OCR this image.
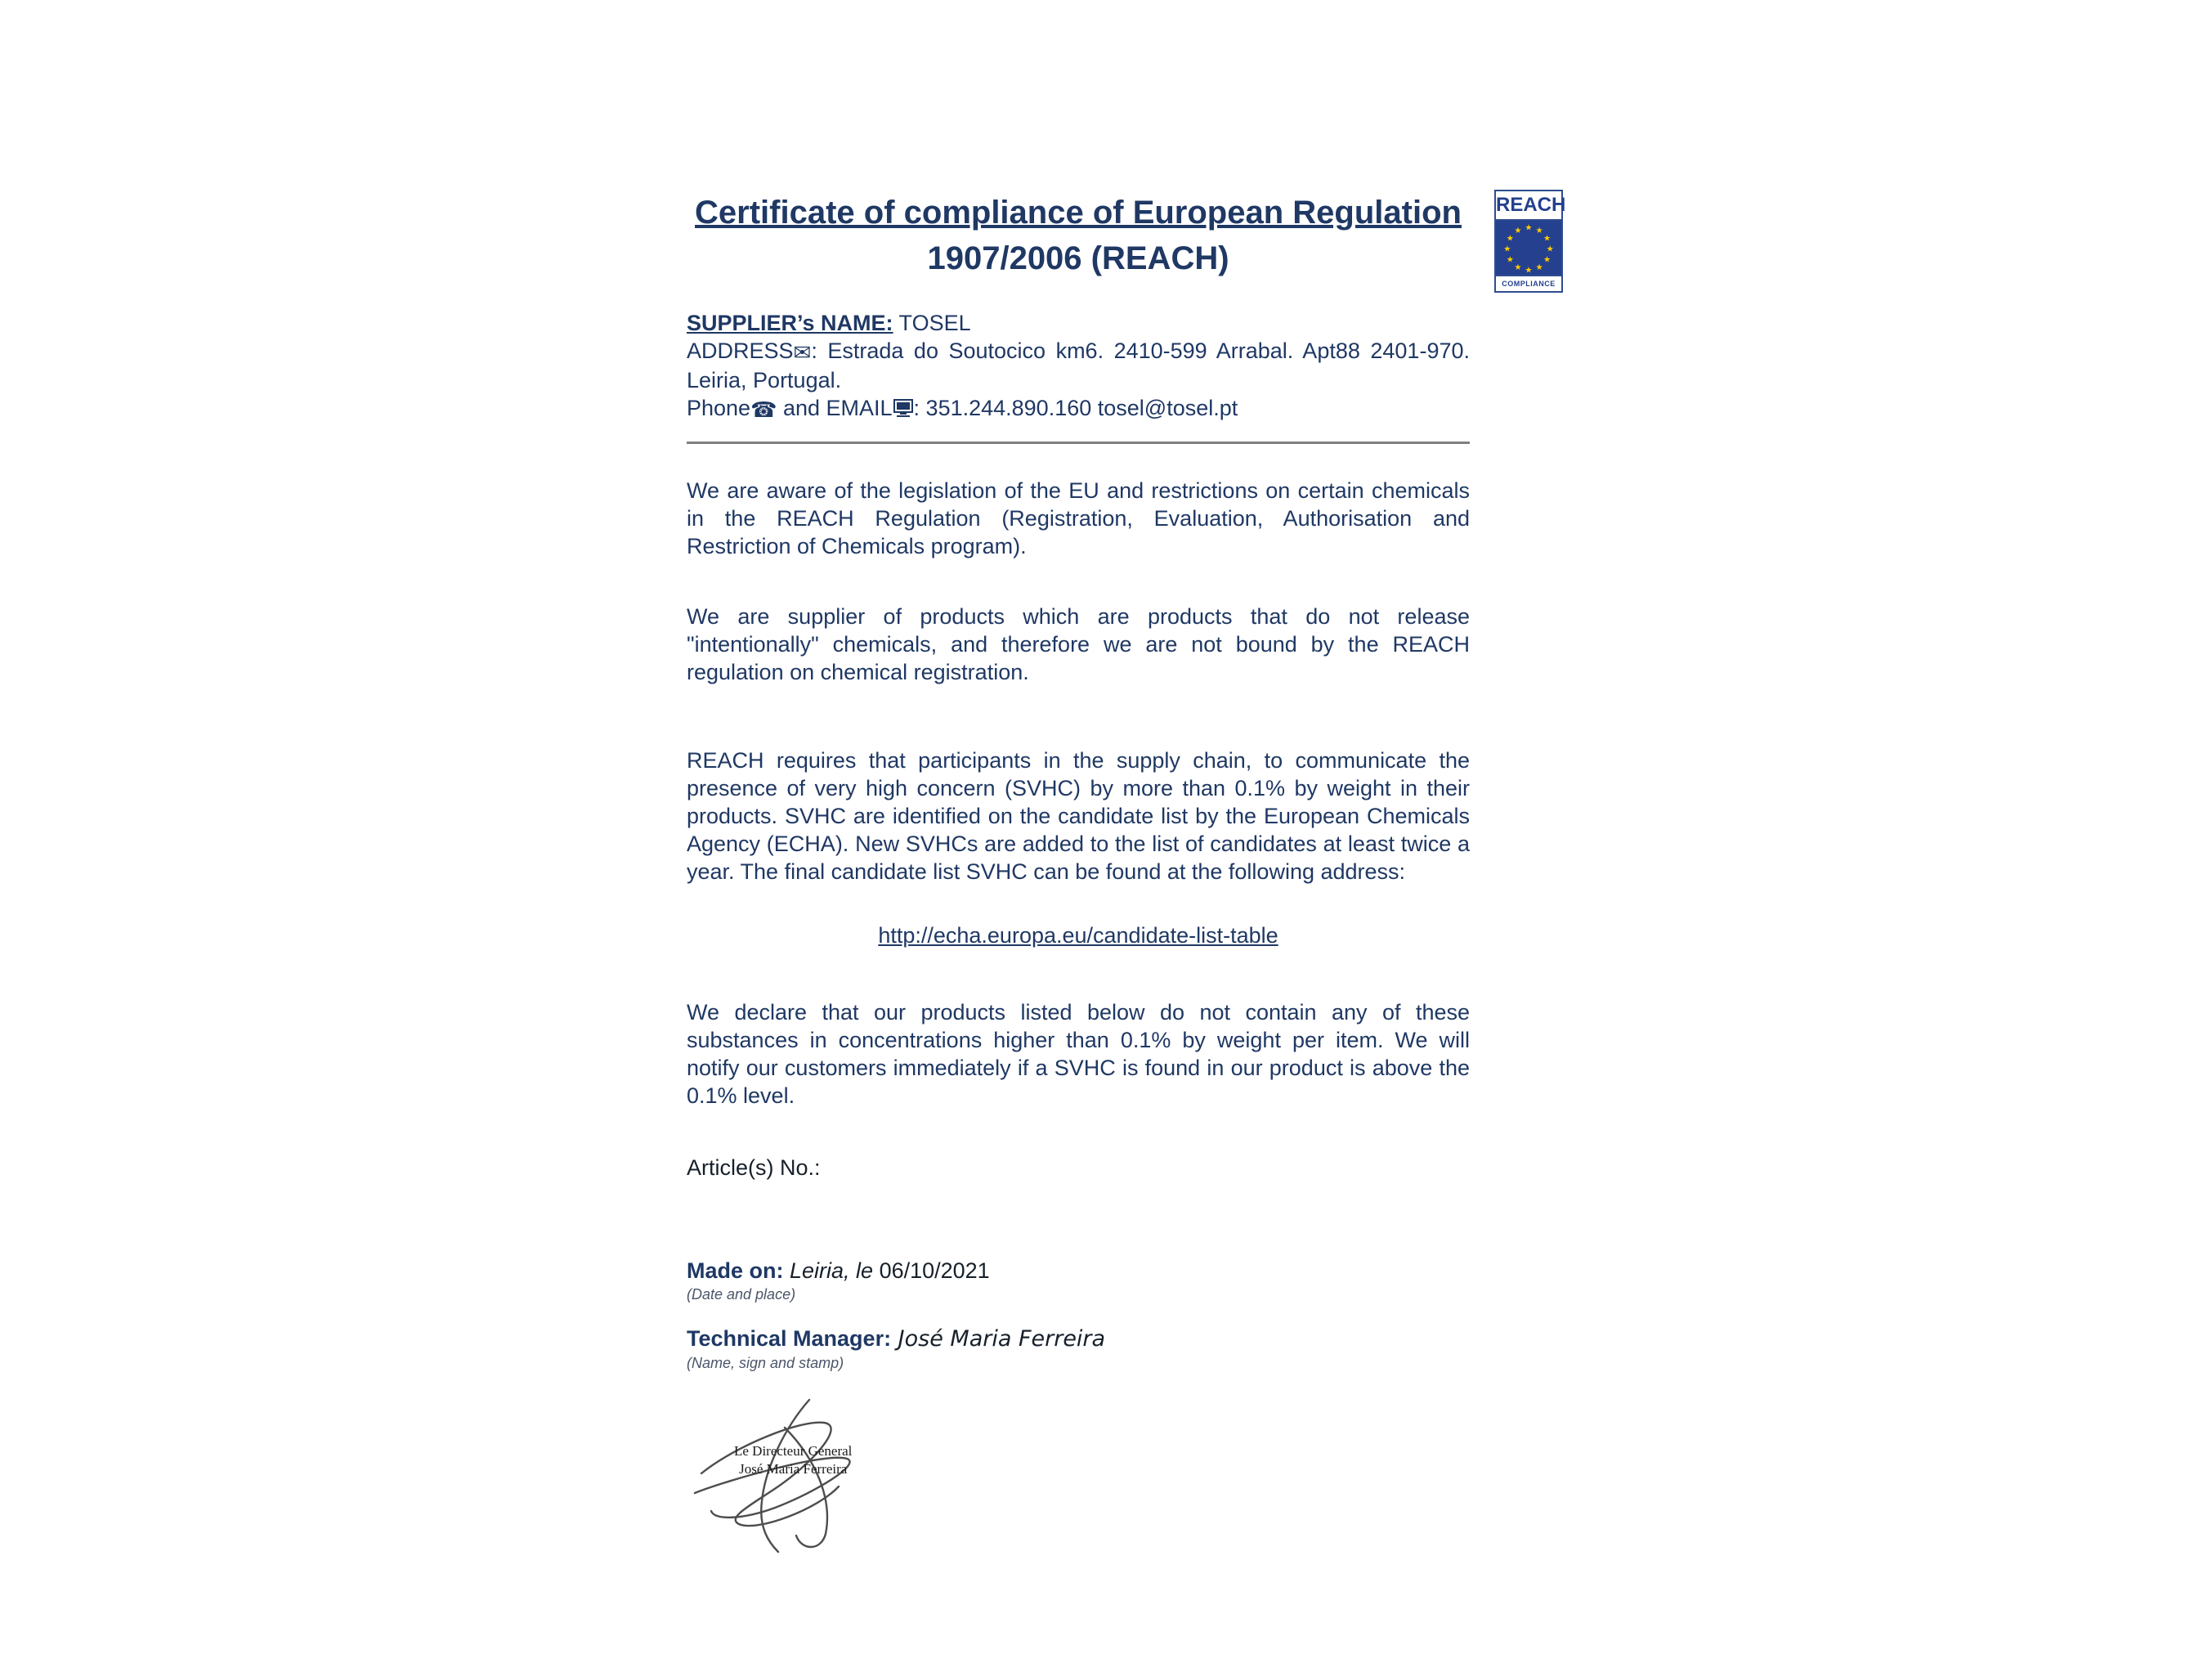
REACH
★ ★
★
★
★
★
★
★
★
★
★
★
COMPLIANCE
Certificate of compliance of European Regulation
1907/2006 (REACH)
SUPPLIER’s NAME: TOSEL
ADDRESS✉: Estrada do Soutocico km6. 2410-599 Arrabal. Apt88 2401-970. Leiria, Portugal.
Phone☎ and EMAIL : 351.244.890.160 tosel@tosel.pt

We are aware of the legislation of the EU and restrictions on certain chemicals in the REACH Regulation (Registration, Evaluation, Authorisation and Restriction of Chemicals program).

We are supplier of products which are products that do not release "intentionally" chemicals, and therefore we are not bound by the REACH regulation on chemical registration.

REACH requires that participants in the supply chain, to communicate the presence of very high concern (SVHC) by more than 0.1% by weight in their products. SVHC are identified on the candidate list by the European Chemicals Agency (ECHA). New SVHCs are added to the list of candidates at least twice a year. The final candidate list SVHC can be found at the following address:

http://echa.europa.eu/candidate-list-table

We declare that our products listed below do not contain any of these substances in concentrations higher than 0.1% by weight per item. We will notify our customers immediately if a SVHC is found in our product is above the 0.1% level.

Article(s) No.:
Made on: Leiria, le 06/10/2021
(Date and place)
Technical Manager: José Maria Ferreira
(Name, sign and stamp)
Le Directeur General
José Maria Ferreira
